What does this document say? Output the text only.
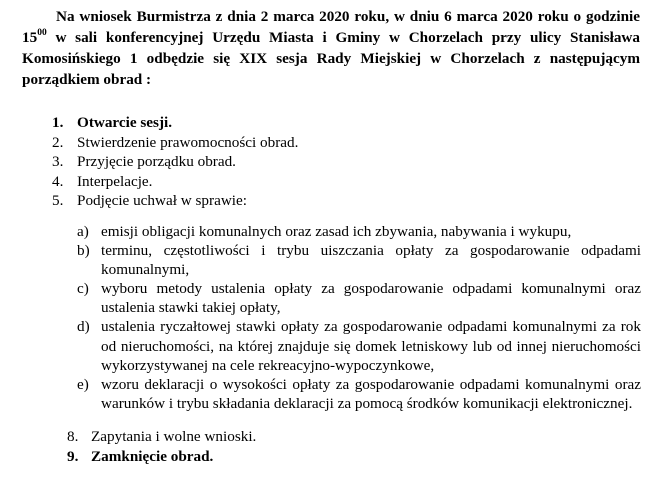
Na wniosek Burmistrza z dnia 2 marca 2020 roku, w dniu 6 marca 2020 roku o godzinie $15^{00}$ w sali konferencyjnej Urzędu Miasta i Gminy w Chorzelach przy ulicy Stanisława Komosińskiego 1 odbędzie się XIX sesja Rady Miejskiej w Chorzelach z następującym porządkiem obrad :
1. Otwarcie sesji.
2. Stwierdzenie prawomocności obrad.
3. Przyjęcie porządku obrad.
4. Interpelacje.
5. Podjęcie uchwał w sprawie:
a) emisji obligacji komunalnych oraz zasad ich zbywania, nabywania i wykupu,
b) terminu, częstotliwości i trybu uiszczania opłaty za gospodarowanie odpadami komunalnymi,
c) wyboru metody ustalenia opłaty za gospodarowanie odpadami komunalnymi oraz ustalenia stawki takiej opłaty,
d) ustalenia ryczałtowej stawki opłaty za gospodarowanie odpadami komunalnymi za rok od nieruchomości, na której znajduje się domek letniskowy lub od innej nieruchomości wykorzystywanej na cele rekreacyjno-wypoczynkowe,
e) wzoru deklaracji o wysokości opłaty za gospodarowanie odpadami komunalnymi oraz warunków i trybu składania deklaracji za pomocą środków komunikacji elektronicznej.
8. Zapytania i wolne wnioski.
9. Zamknięcie obrad.
